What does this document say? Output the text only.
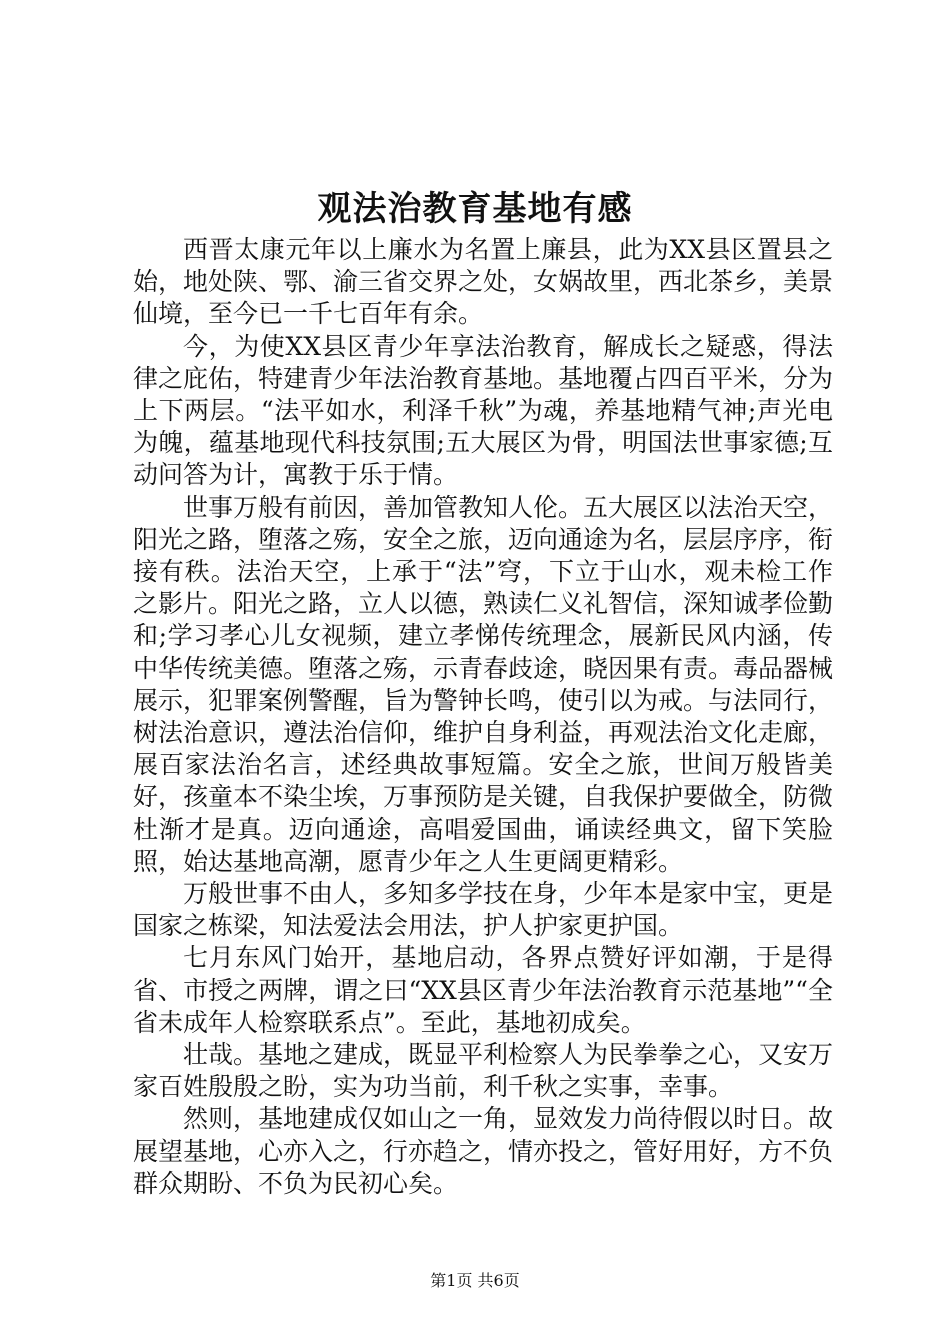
观法治教育基地有感

西晋太康元年以上廉水为名置上廉县，此为XX县区置县之始，地处陕、鄂、渝三省交界之处，女娲故里，西北茶乡，美景仙境，至今已一千七百年有余。

今，为使XX县区青少年享法治教育，解成长之疑惑，得法律之庇佑，特建青少年法治教育基地。基地覆占四百平米，分为上下两层。“法平如水，利泽千秋”为魂，养基地精气神;声光电为魄，蕴基地现代科技氛围;五大展区为骨，明国法世事家德;互动问答为计，寓教于乐于情。

世事万般有前因，善加管教知人伦。五大展区以法治天空，阳光之路，堕落之殇，安全之旅，迈向通途为名，层层序序，衔接有秩。法治天空，上承于“法”穹，下立于山水，观未检工作之影片。阳光之路，立人以德，熟读仁义礼智信，深知诚孝俭勤和;学习孝心儿女视频，建立孝悌传统理念，展新民风内涵，传中华传统美德。堕落之殇，示青春歧途，晓因果有责。毒品器械展示，犯罪案例警醒，旨为警钟长鸣，使引以为戒。与法同行，树法治意识，遵法治信仰，维护自身利益，再观法治文化走廊，展百家法治名言，述经典故事短篇。安全之旅，世间万般皆美好，孩童本不染尘埃，万事预防是关键，自我保护要做全，防微杜渐才是真。迈向通途，高唱爱国曲，诵读经典文，留下笑脸照，始达基地高潮，愿青少年之人生更阔更精彩。

万般世事不由人，多知多学技在身，少年本是家中宝，更是国家之栋梁，知法爱法会用法，护人护家更护国。

七月东风门始开，基地启动，各界点赞好评如潮，于是得省、市授之两牌，谓之曰“XX县区青少年法治教育示范基地”“全省未成年人检察联系点”。至此，基地初成矣。

壮哉。基地之建成，既显平利检察人为民拳拳之心，又安万家百姓殷殷之盼，实为功当前，利千秋之实事，幸事。

然则，基地建成仅如山之一角，显效发力尚待假以时日。故展望基地，心亦入之，行亦趋之，情亦投之，管好用好，方不负群众期盼、不负为民初心矣。

第1页 共6页
